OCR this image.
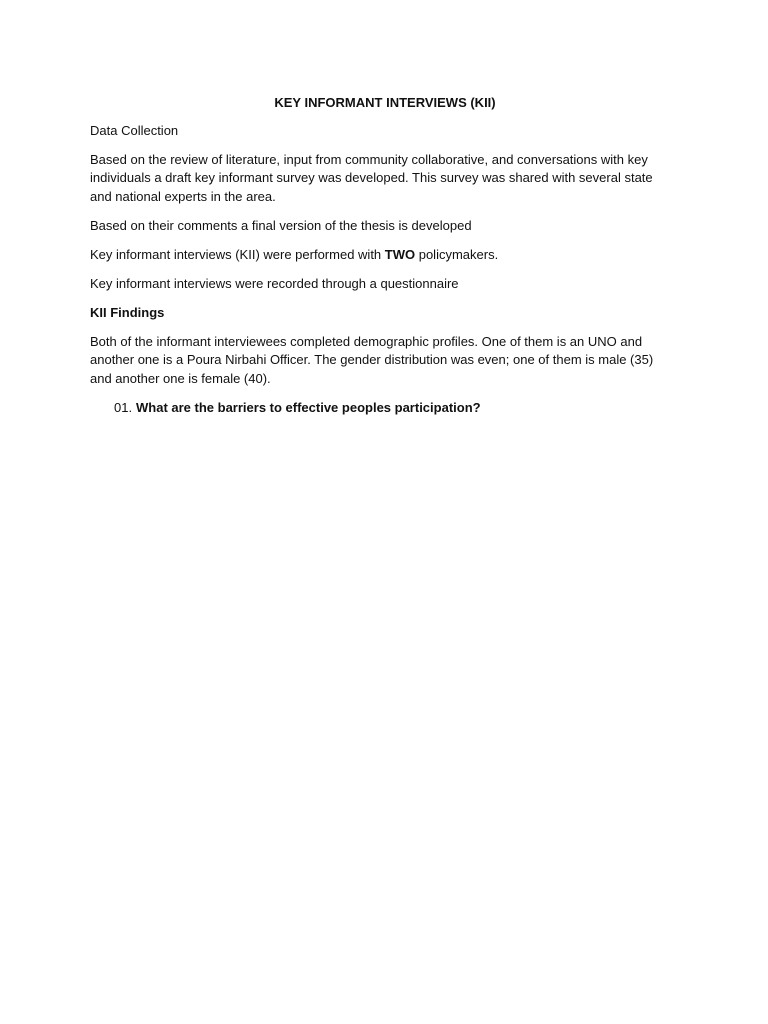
KEY INFORMANT INTERVIEWS (KII)

Data Collection

Based on the review of literature, input from community collaborative, and conversations with key individuals a draft key informant survey was developed. This survey was shared with several state and national experts in the area.

Based on their comments a final version of the thesis is developed

Key informant interviews (KII) were performed with TWO policymakers.

Key informant interviews were recorded through a questionnaire

KII Findings

Both of the informant interviewees completed demographic profiles. One of them is an UNO and another one is a Poura Nirbahi Officer. The gender distribution was even; one of them is male (35) and another one is female (40).

01. What are the barriers to effective peoples participation?
